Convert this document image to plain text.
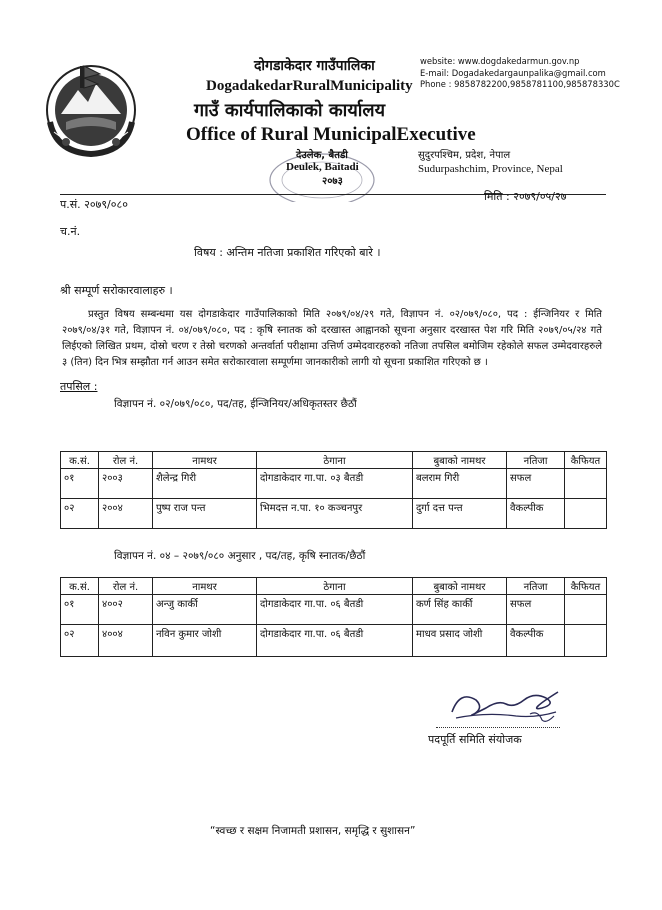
दोगडाकेदार गाउँपालिका
DogadakedarRuralMunicipality
गाउँ कार्यपालिकाको कार्यालय
Office of Rural MunicipalExecutive
website: www.dogdakedarmun.gov.np
E-mail: Dogadakedargaunpalika@gmail.com
Phone : 9858782200,9858781100,985878330C
देउलेक, बैतडी
Deulek, Baitadi
२०७३
सुदुरपश्चिम, प्रदेश, नेपाल
Sudurpashchim, Province, Nepal
प.सं. २०७९/०८०
मिति : २०७९/०५/२७
च.नं.
विषय : अन्तिम नतिजा प्रकाशित गरिएको बारे ।
श्री सम्पूर्ण सरोकारवालाहरु ।
प्रस्तुत विषय सम्बन्धमा यस दोगडाकेदार गाउँपालिकाको मिति २०७९/०४/२९ गते, विज्ञापन नं. ०२/०७९/०८०, पद : ईन्जिनियर र मिति २०७९/०४/३१ गते, विज्ञापन नं. ०४/०७९/०८०, पद : कृषि स्नातक को दरखास्त आह्वानको सूचना अनुसार दरखास्त पेश गरि मिति २०७९/०५/२४ गते लिईएको लिखित प्रथम, दोस्रो चरण र तेस्रो चरणको अन्तर्वार्ता परीक्षामा उत्तिर्ण उम्मेदवारहरुको नतिजा तपसिल बमोजिम रहेकोले सफल उम्मेदवारहरुले ३ (तिन) दिन भित्र सम्झौता गर्न आउन समेत सरोकारवाला सम्पूर्णमा जानकारीको लागी यो सूचना प्रकाशित गरिएको छ ।
तपसिल :
विज्ञापन नं. ०२/०७९/०८०, पद/तह, ईन्जिनियर/अधिकृतस्तर छैठौं
क.सं.	रोल नं.	नामथर	ठेगाना	बुबाको नामथर	नतिजा	कैफियत
०१	२००३	शैलेन्द्र गिरी	दोगडाकेदार गा.पा. ०३ बैतडी	बलराम गिरी	सफल	
०२	२००४	पुष्प राज पन्त	भिमदत्त न.पा. १० कञ्चनपुर	दुर्गा दत्त पन्त	वैकल्पीक	
विज्ञापन नं. ०४ – २०७९/०८० अनुसार , पद/तह, कृषि स्नातक/छैठौं
क.सं.	रोल नं.	नामथर	ठेगाना	बुबाको नामथर	नतिजा	कैफियत
०१	४००२	अन्जु कार्की	दोगडाकेदार गा.पा. ०६ बैतडी	कर्ण सिंह कार्की	सफल	
०२	४००४	नविन कुमार जोशी	दोगडाकेदार गा.पा. ०६ बैतडी	माधव प्रसाद जोशी	वैकल्पीक	
पदपूर्ति समिति संयोजक
“स्वच्छ र सक्षम निजामती प्रशासन, समृद्धि र सुशासन”
